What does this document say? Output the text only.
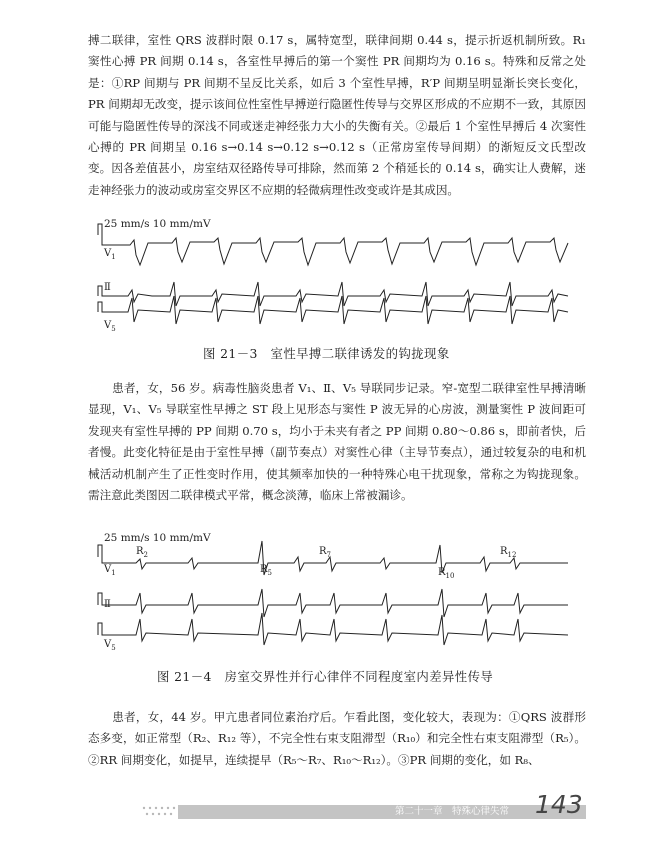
搏二联律，室性 QRS 波群时限 0.17 s，属特宽型，联律间期 0.44 s，提示折返机制所致。R₁ 窦性心搏 PR 间期 0.14 s，各室性早搏后的第一个窦性 PR 间期均为 0.16 s。特殊和反常之处是：①RP 间期与 PR 间期不呈反比关系，如后 3 个室性早搏，R′P 间期呈明显渐长突长变化，PR 间期却无改变，提示该间位性室性早搏逆行隐匿性传导与交界区形成的不应期不一致，其原因可能与隐匿性传导的深浅不同或迷走神经张力大小的失衡有关。②最后 1 个室性早搏后 4 次窦性心搏的 PR 间期呈 0.16 s→0.14 s→0.12 s→0.12 s（正常房室传导间期）的渐短反文氏型改变。因各差值甚小，房室结双径路传导可排除，然而第 2 个稍延长的 0.14 s，确实让人费解，迷走神经张力的波动或房室交界区不应期的轻微病理性改变或许是其成因。

25 mm/s 10 mm/mV
$V_1$
Ⅱ
$V_5$

图 21－3　室性早搏二联律诱发的钩拢现象

患者，女，56 岁。病毒性脑炎患者 V₁、Ⅱ、V₅ 导联同步记录。窄-宽型二联律室性早搏清晰显现，V₁、V₅ 导联室性早搏之 ST 段上见形态与窦性 P 波无异的心房波，测量窦性 P 波间距可发现夹有室性早搏的 PP 间期 0.70 s，均小于未夹有者之 PP 间期 0.80～0.86 s，即前者快，后者慢。此变化特征是由于室性早搏（副节奏点）对窦性心律（主导节奏点），通过较复杂的电和机械活动机制产生了正性变时作用，使其频率加快的一种特殊心电干扰现象，常称之为钩拢现象。需注意此类图因二联律模式平常，概念淡薄，临床上常被漏诊。

25 mm/s 10 mm/mV
$V_1$
Ⅱ
$V_5$
$R_2$
$R_5$
$R_7$
$R_{10}$
$R_{12}$

图 21－4　房室交界性并行心律伴不同程度室内差异性传导

患者，女，44 岁。甲亢患者同位素治疗后。乍看此图，变化较大，表现为：①QRS 波群形态多变，如正常型（R₂、R₁₂ 等），不完全性右束支阻滞型（R₁₀）和完全性右束支阻滞型（R₅）。②RR 间期变化，如提早，连续提早（R₅～R₇、R₁₀～R₁₂）。③PR 间期的变化，如 R₈、

第二十一章　特殊心律失常 143
